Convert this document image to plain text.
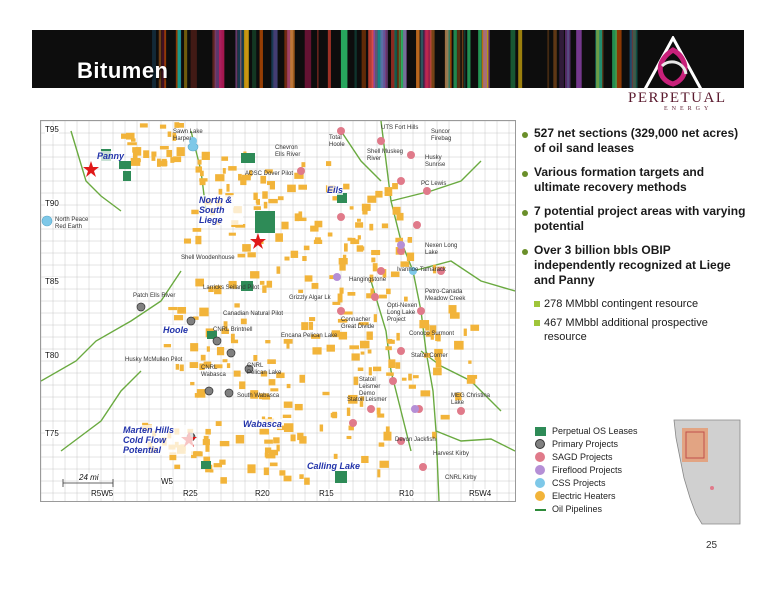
Bitumen
PERPETUAL
ENERGY
T95
T90
T85
T80
T75
R5W5
W5
R25	R20	R15	R10	R5W4
24 mi
Panny
North & South Liege
Eils
Hoole
Wabasca
Marten Hills Cold Flow Potential
Calling Lake
Sawn Lake Harper
North Peace Red Earth
Shell Woodenhouse
Patch Ells River
Husky McMullen Pilot
CNRL Brintnell
CNRL Wabasca
CNRL Pelican Lake
South Wabasca
Larricks Seiland Pilot
Grizzly Algar Lk
Canadian Natural Pilot
Encana Pelican Lake
UTS Fort Hills
Suncor Firebag
Husky Sunrise
Shell Muskeg River
PC Lewis
AOSC Dover Pilot
Chevron Ells River
Total Hoole
Statoil Leismer
Conoco Surmont
Statoil Corner
Nexen Long Lake
MEG Christina Lake
Devon Jackfish
CNRL Kirby
Harvest Kirby
Hangingstone
Petro-Canada Meadow Creek
Connacher Great Divide
Opti-Nexen Long Lake Project
Ivanhoe Tamarack
Statoil Leismer Demo
527 net sections (329,000 net acres) of oil sand leases
Various formation targets and ultimate recovery methods
7 potential project areas with varying potential
Over 3 billion bbls OBIP independently recognized at Liege and Panny
278 MMbbl contingent resource
467 MMbbl additional prospective resource
Perpetual OS Leases
Primary Projects
SAGD Projects
Fireflood Projects
CSS Projects
Electric Heaters
Oil Pipelines
25
